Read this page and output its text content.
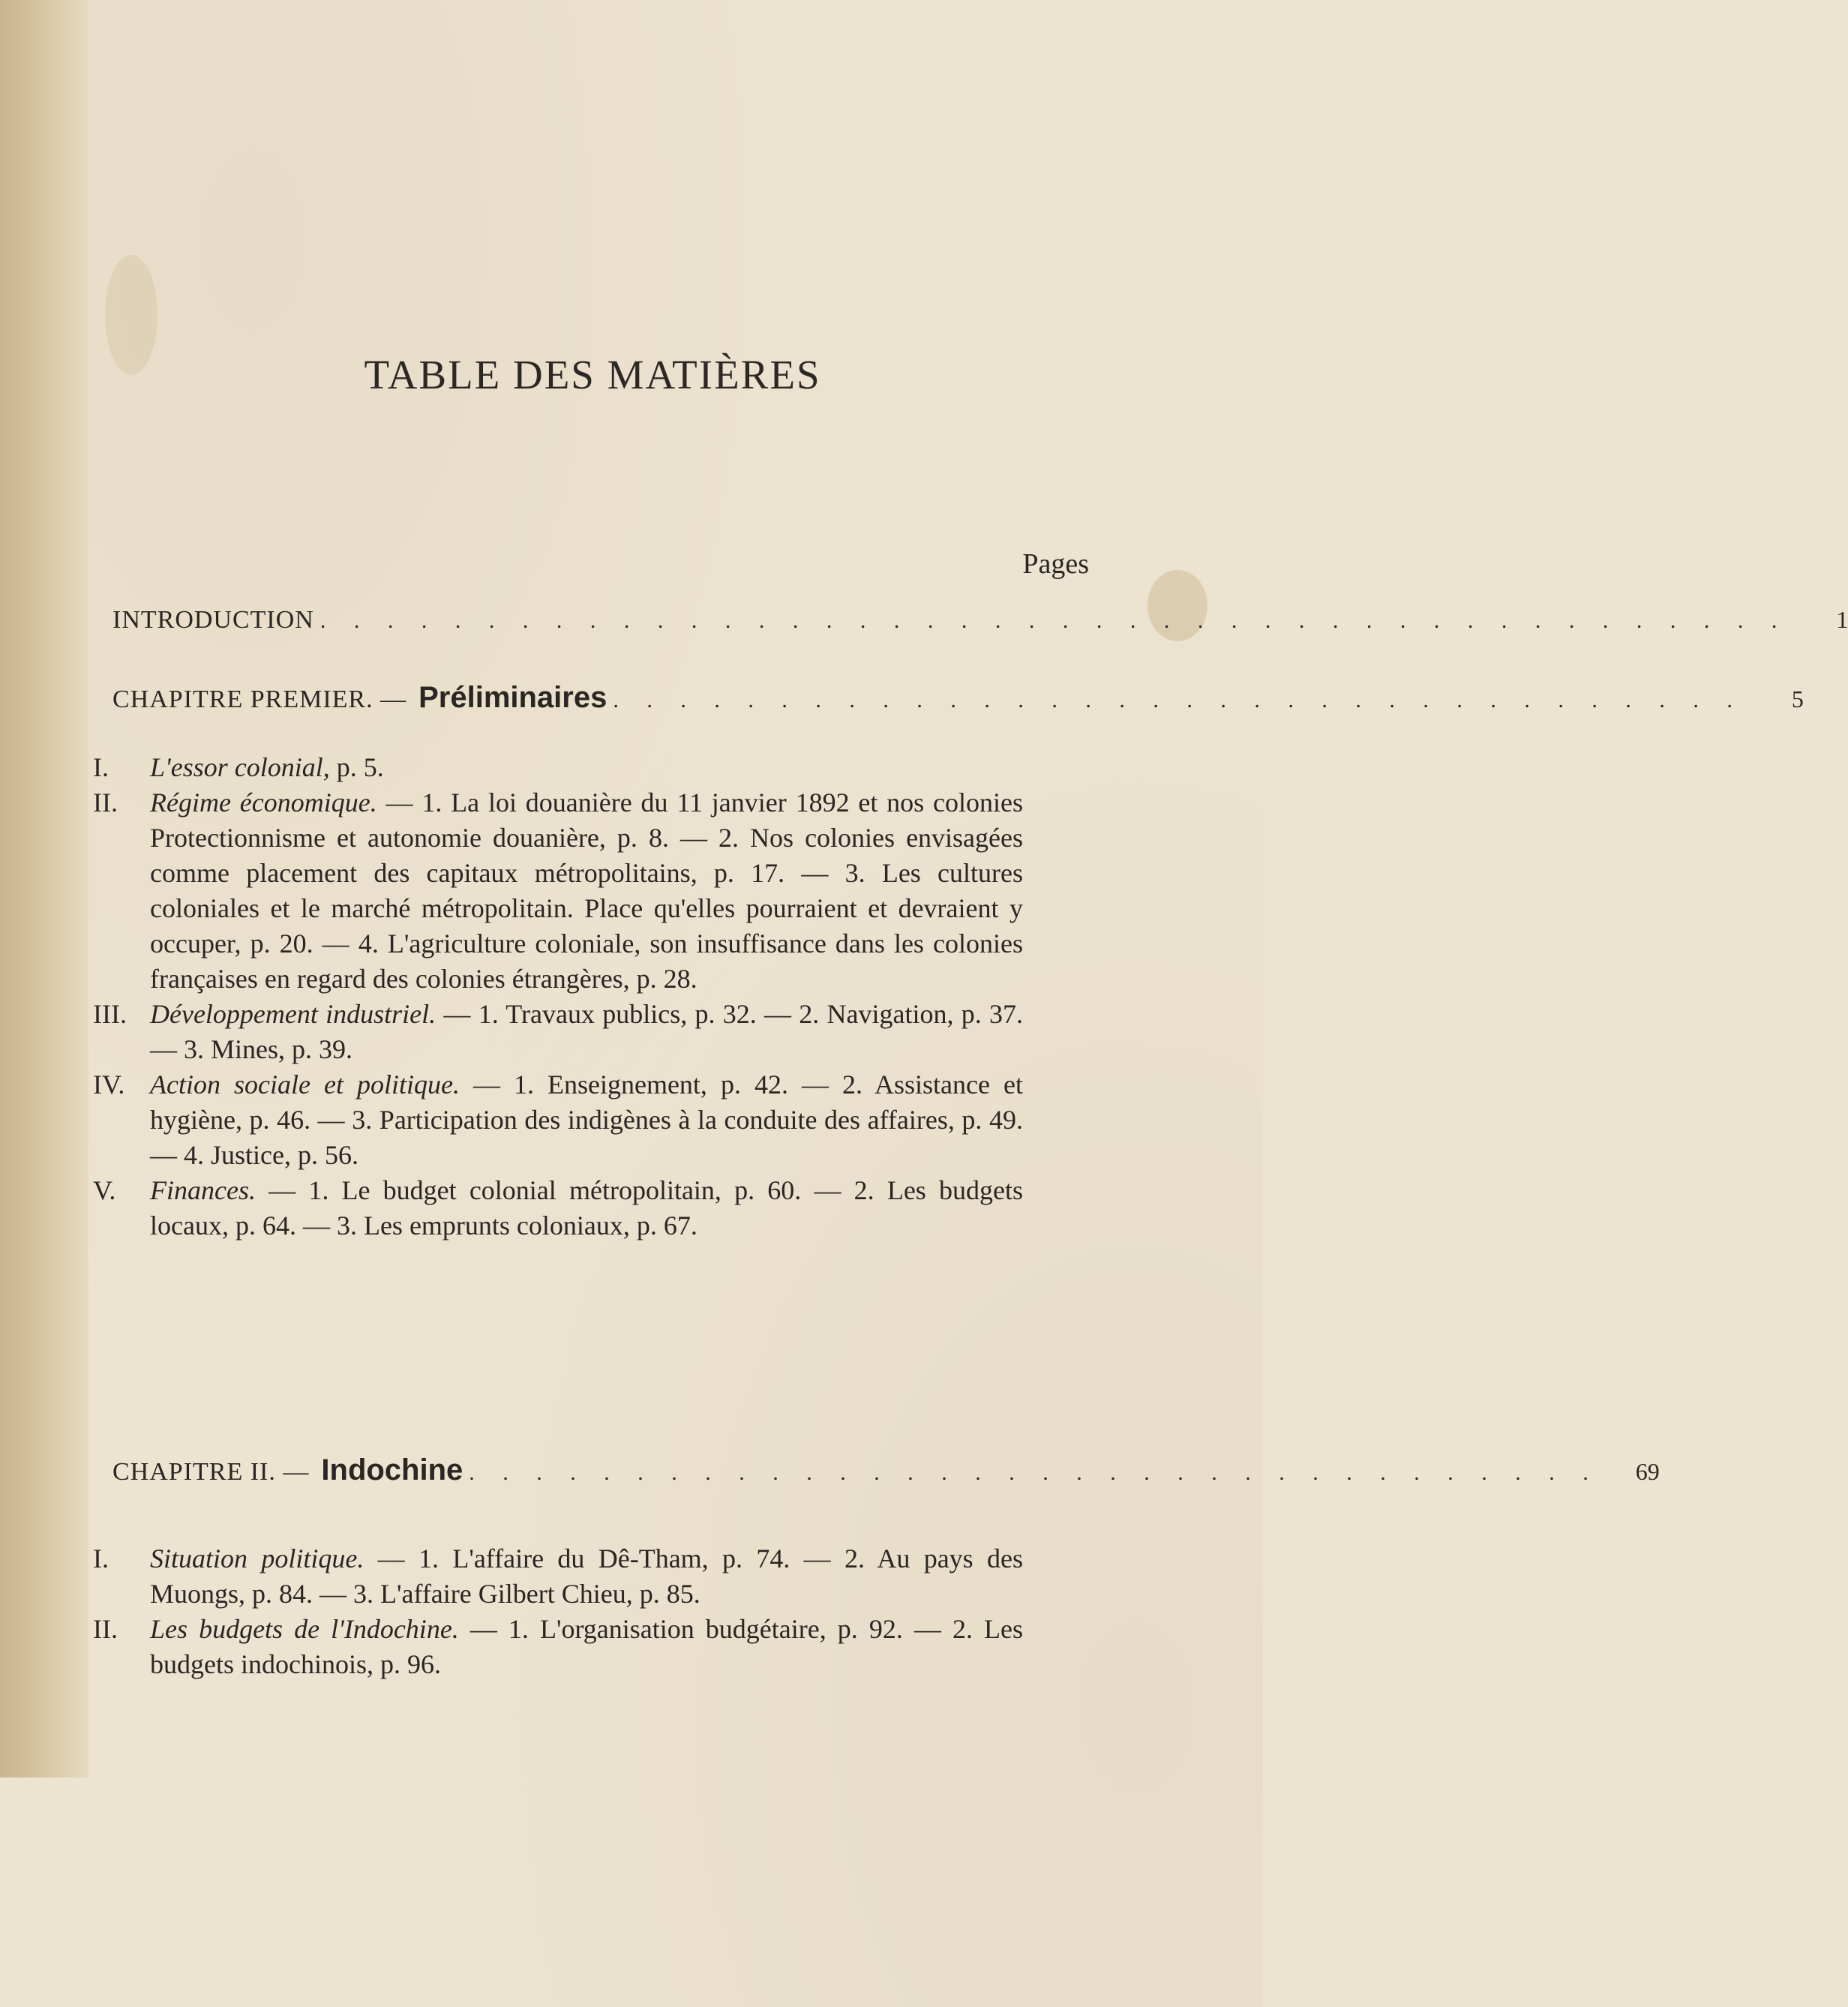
TABLE DES MATIÈRES
Pages
INTRODUCTION . . . . . . . . . . . . . . . . . . . . . . . . . . . . . . . . . . . . . . . . . . . .	1
CHAPITRE PREMIER. — Préliminaires . . . . . . . . . . . . . . . . . . . . . . . . . . . . . . . . . .	5
I.	L'essor colonial, p. 5.
II.	Régime économique. — 1. La loi douanière du 11 janvier 1892 et nos colonies Protectionnisme et autonomie douanière, p. 8. — 2. Nos colonies envisagées comme placement des capitaux métropolitains, p. 17. — 3. Les cultures coloniales et le marché métropolitain. Place qu'elles pourraient et devraient y occuper, p. 20. — 4. L'agriculture coloniale, son insuffisance dans les colonies françaises en regard des colonies étrangères, p. 28.
III. Développement industriel. — 1. Travaux publics, p. 32. — 2. Navigation, p. 37. — 3. Mines, p. 39.
IV. Action sociale et politique. — 1. Enseignement, p. 42. — 2. Assistance et hygiène, p. 46. — 3. Participation des indigènes à la conduite des affaires, p. 49. — 4. Justice, p. 56.
V.	Finances. — 1. Le budget colonial métropolitain, p. 60. — 2. Les budgets locaux, p. 64. — 3. Les emprunts coloniaux, p. 67.
CHAPITRE II. — Indochine . . . . . . . . . . . . . . . . . . . . . . . . . . . . . . . . . .	69
I.	Situation politique. — 1. L'affaire du Dê-Tham, p. 74. — 2. Au pays des Muongs, p. 84. — 3. L'affaire Gilbert Chieu, p. 85.
II.	Les budgets de l'Indochine. — 1. L'organisation budgétaire, p. 92. — 2. Les budgets indochinois, p. 96.
